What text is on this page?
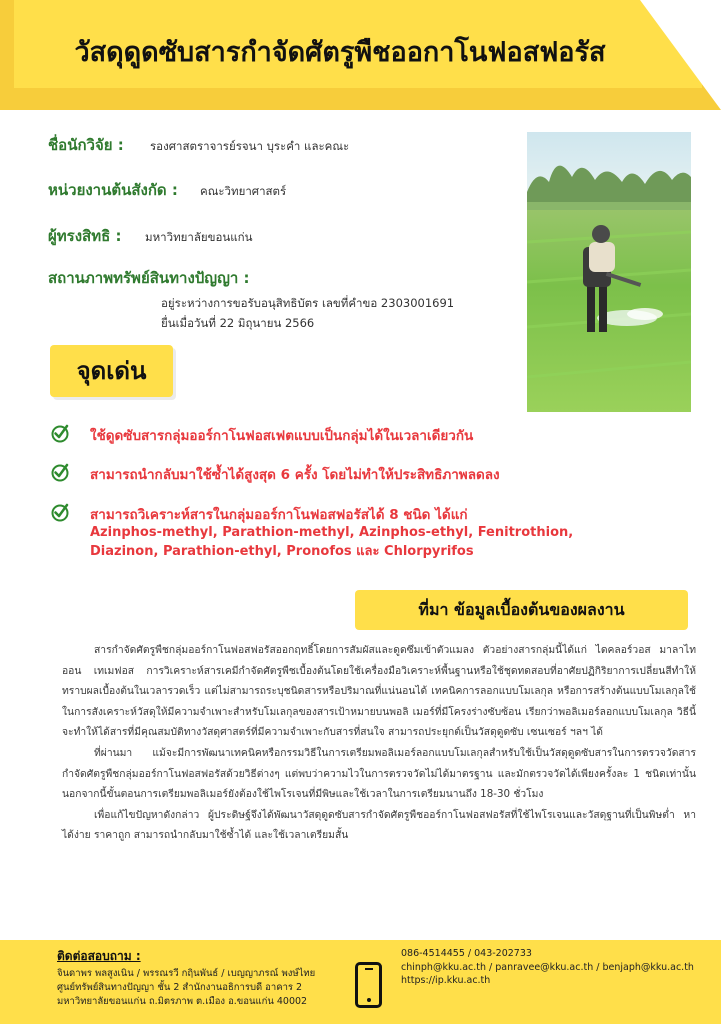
วัสดุดูดซับสารกำจัดศัตรูพืชออกาโนฟอสฟอรัส
ชื่อนักวิจัย : รองศาสตราจารย์รจนา บุระคำ และคณะ
หน่วยงานต้นสังกัด : คณะวิทยาศาสตร์
ผู้ทรงสิทธิ : มหาวิทยาลัยขอนแก่น
สถานภาพทรัพย์สินทางปัญญา :
อยู่ระหว่างการขอรับอนุสิทธิบัตร เลขที่คำขอ 2303001691
ยื่นเมื่อวันที่ 22 มิถุนายน 2566
จุดเด่น
ใช้ดูดซับสารกลุ่มออร์กาโนฟอสเฟตแบบเป็นกลุ่มได้ในเวลาเดียวกัน
สามารถนำกลับมาใช้ซ้ำได้สูงสุด 6 ครั้ง โดยไม่ทำให้ประสิทธิภาพลดลง
สามารถวิเคราะห์สารในกลุ่มออร์กาโนฟอสฟอรัสได้ 8 ชนิด ได้แก่
Azinphos-methyl, Parathion-methyl, Azinphos-ethyl, Fenitrothion,
Diazinon, Parathion-ethyl, Pronofos และ Chlorpyrifos
ที่มา ข้อมูลเบื้องต้นของผลงาน

สารกำจัดศัตรูพืชกลุ่มออร์กาโนฟอสฟอรัสออกฤทธิ์โดยการสัมผัสและดูดซึมเข้าตัวแมลง ตัวอย่างสารกลุ่มนี้ได้แก่ ไดคลอร์วอส มาลาไทออน เทเมฟอส การวิเคราะห์สารเคมีกำจัดศัตรูพืชเบื้องต้นโดยใช้เครื่องมือวิเคราะห์พื้นฐานหรือใช้ชุดทดสอบที่อาศัยปฏิกิริยาการเปลี่ยนสีทำให้ทราบผลเบื้องต้นในเวลารวดเร็ว แต่ไม่สามารถระบุชนิดสารหรือปริมาณที่แน่นอนได้ เทคนิคการลอกแบบโมเลกุล หรือการสร้างต้นแบบโมเลกุลใช้ในการสังเคราะห์วัสดุให้มีความจำเพาะสำหรับโมเลกุลของสารเป้าหมายบนพอลิ เมอร์ที่มีโครงร่างซับซ้อน เรียกว่าพอลิเมอร์ลอกแบบโมเลกุล วิธีนี้จะทำให้ได้สารที่มีคุณสมบัติทางวัสดุศาสตร์ที่มีความจำเพาะกับสารที่สนใจ สามารถประยุกต์เป็นวัสดุดูดซับ เซนเซอร์ ฯลฯ ได้

ที่ผ่านมา แม้จะมีการพัฒนาเทคนิคหรือกรรมวิธีในการเตรียมพอลิเมอร์ลอกแบบโมเลกุลสำหรับใช้เป็นวัสดุดูดซับสารในการตรวจวัดสารกำจัดศัตรูพืชกลุ่มออร์กาโนฟอสฟอรัสด้วยวิธีต่างๆ แต่พบว่าความไวในการตรวจวัดไม่ได้มาตรฐาน และมักตรวจวัดได้เพียงครั้งละ 1 ชนิดเท่านั้น นอกจากนี้ขั้นตอนการเตรียมพอลิเมอร์ยังต้องใช้ไพโรเจนที่มีพิษและใช้เวลาในการเตรียมนานถึง 18-30 ชั่วโมง

เพื่อแก้ไขปัญหาดังกล่าว ผู้ประดิษฐ์จึงได้พัฒนาวัสดุดูดซับสารกำจัดศัตรูพืชออร์กาโนฟอสฟอรัสที่ใช้ไพโรเจนและวัสดุฐานที่เป็นพิษต่ำ หาได้ง่าย ราคาถูก สามารถนำกลับมาใช้ซ้ำได้ และใช้เวลาเตรียมสั้น

ติดต่อสอบถาม :
จินดาพร พลสูงเนิน / พรรณรวี กฤินพันธ์ / เบญญาภรณ์ พงษ์ไทย
ศูนย์ทรัพย์สินทางปัญญา ชั้น 2 สำนักงานอธิการบดี อาคาร 2
มหาวิทยาลัยขอนแก่น ถ.มิตรภาพ ต.เมือง อ.ขอนแก่น 40002
086-4514455 / 043-202733
chinph@kku.ac.th / panravee@kku.ac.th / benjaph@kku.ac.th
https://ip.kku.ac.th
